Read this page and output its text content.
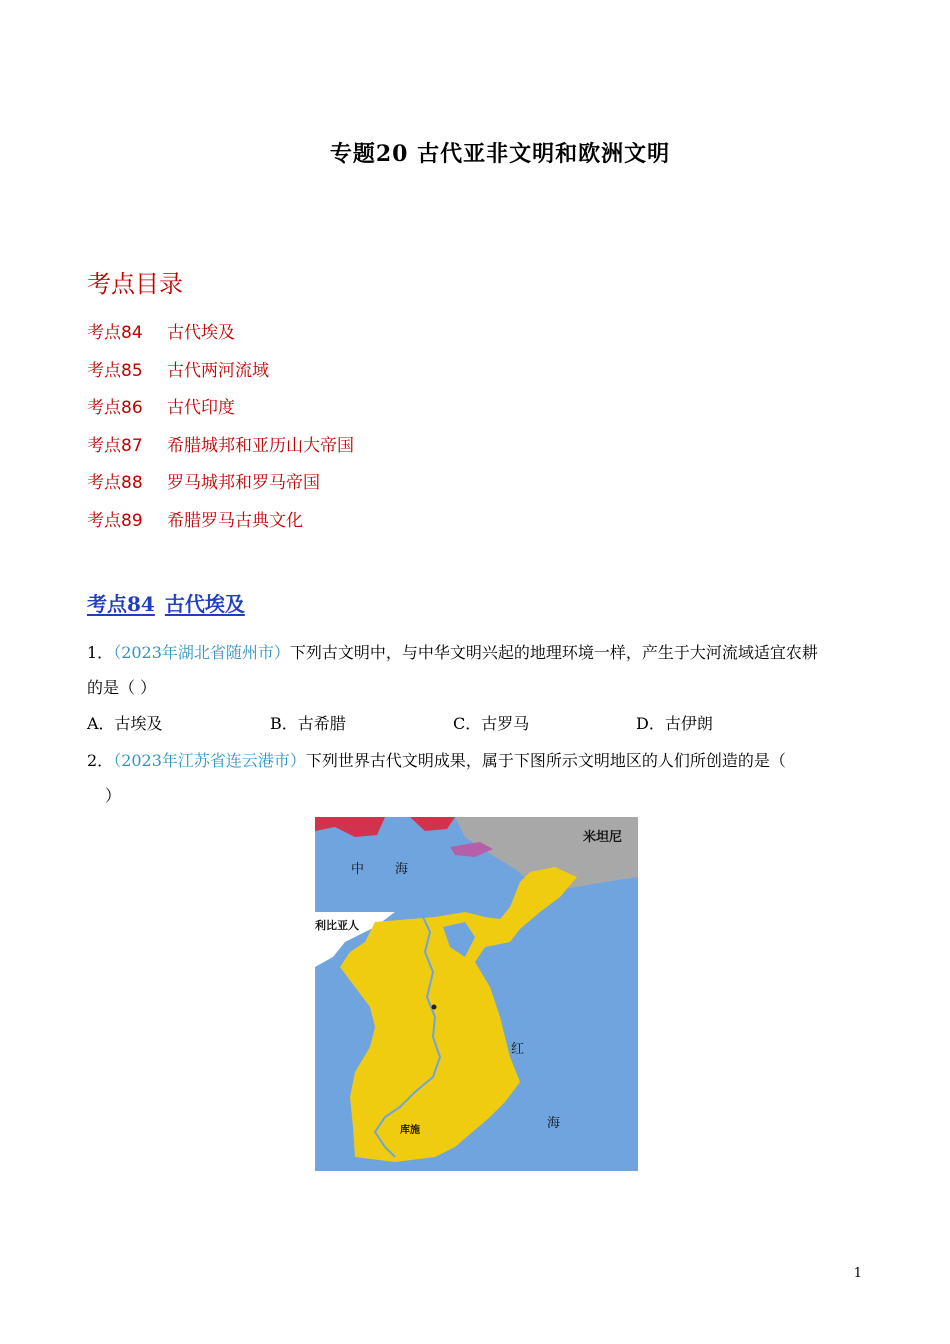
专题20 古代亚非文明和欧洲文明
考点目录
考点84 古代埃及
考点85 古代两河流域
考点86 古代印度
考点87 希腊城邦和亚历山大帝国
考点88 罗马城邦和罗马帝国
考点89 希腊罗马古典文化
考点84 古代埃及
1．（2023年湖北省随州市）下列古文明中，与中华文明兴起的地理环境一样，产生于大河流域适宜农耕
的是（ ）
A．古埃及	B．古希腊	C．古罗马	D．古伊朗
2．（2023年江苏省连云港市）下列世界古代文明成果，属于下图所示文明地区的人们所创造的是（
）
中 海
利比亚人
米坦尼
红
海
库施
1
